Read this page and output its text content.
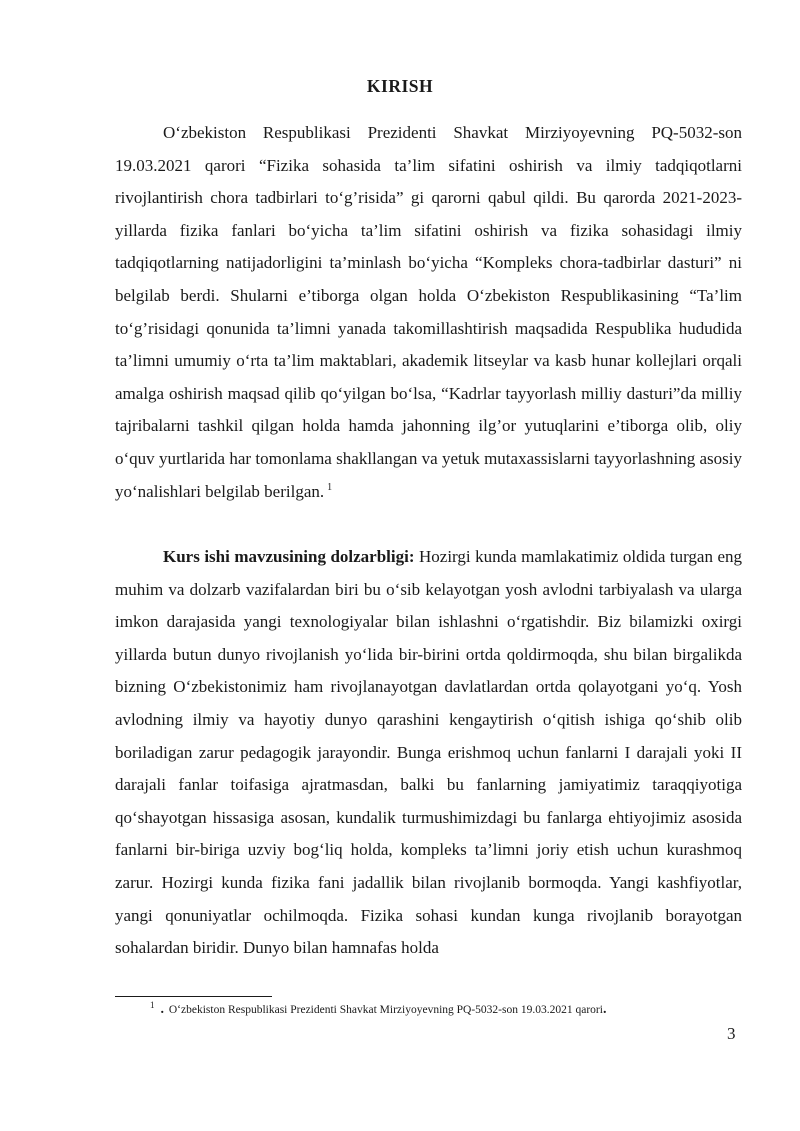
KIRISH

O‘zbekiston Respublikasi Prezidenti Shavkat Mirziyoyevning PQ-5032-son 19.03.2021 qarori “Fizika sohasida ta’lim sifatini oshirish va ilmiy tadqiqotlarni rivojlantirish chora tadbirlari to‘g’risida” gi qarorni qabul qildi. Bu qarorda 2021-2023-yillarda fizika fanlari bo‘yicha ta’lim sifatini oshirish va fizika sohasidagi ilmiy tadqiqotlarning natijadorligini ta’minlash bo‘yicha “Kompleks chora-tadbirlar dasturi” ni belgilab berdi. Shularni e’tiborga olgan holda O‘zbekiston Respublikasining “Ta’lim to‘g’risidagi qonunida ta’limni yanada takomillashtirish maqsadida Respublika hududida ta’limni umumiy o‘rta ta’lim maktablari, akademik litseylar va kasb hunar kollejlari orqali amalga oshirish maqsad qilib qo‘yilgan bo‘lsa, “Kadrlar tayyorlash milliy dasturi”da milliy tajribalarni tashkil qilgan holda hamda jahonning ilg’or yutuqlarini e’tiborga olib, oliy o‘quv yurtlarida har tomonlama shakllangan va yetuk mutaxassislarni tayyorlashning asosiy yo‘nalishlari belgilab berilgan. $^1$

Kurs ishi mavzusining dolzarbligi: Hozirgi kunda mamlakatimiz oldida turgan eng muhim va dolzarb vazifalardan biri bu o‘sib kelayotgan yosh avlodni tarbiyalash va ularga imkon darajasida yangi texnologiyalar bilan ishlashni o‘rgatishdir. Biz bilamizki oxirgi yillarda butun dunyo rivojlanish yo‘lida bir-birini ortda qoldirmoqda, shu bilan birgalikda bizning O‘zbekistonimiz ham rivojlanayotgan davlatlardan ortda qolayotgani yo‘q. Yosh avlodning ilmiy va hayotiy dunyo qarashini kengaytirish o‘qitish ishiga qo‘shib olib boriladigan zarur pedagogik jarayondir. Bunga erishmoq uchun fanlarni I darajali yoki II darajali fanlar toifasiga ajratmasdan, balki bu fanlarning jamiyatimiz taraqqiyotiga qo‘shayotgan hissasiga asosan, kundalik turmushimizdagi bu fanlarga ehtiyojimiz asosida fanlarni bir-biriga uzviy bog‘liq holda, kompleks ta’limni joriy etish uchun kurashmoq zarur. Hozirgi kunda fizika fani jadallik bilan rivojlanib bormoqda. Yangi kashfiyotlar, yangi qonuniyatlar ochilmoqda. Fizika sohasi kundan kunga rivojlanib borayotgan sohalardan biridir. Dunyo bilan hamnafas holda

$^1$ . O‘zbekiston Respublikasi Prezidenti Shavkat Mirziyoyevning PQ-5032-son 19.03.2021 qarori.
3
